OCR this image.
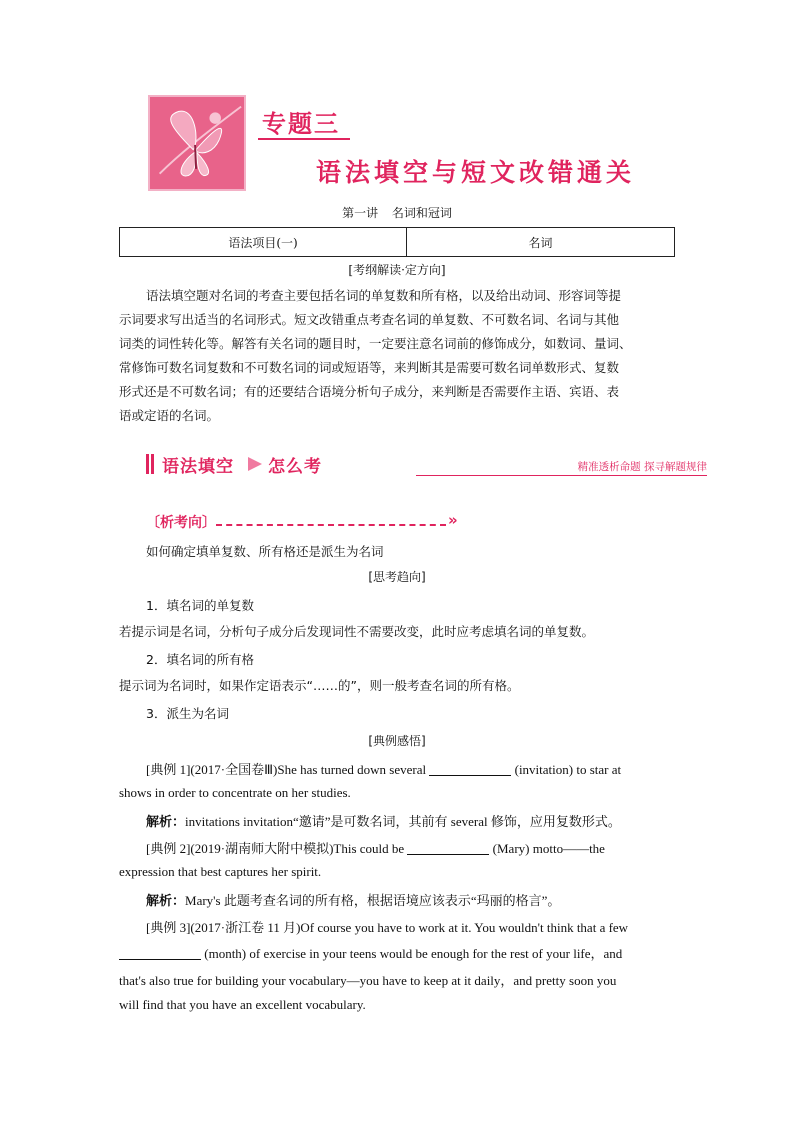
专题三
语法填空与短文改错通关
第一讲 名词和冠词
语法项目(一)	名词
[考纲解读·定方向]
语法填空题对名词的考查主要包括名词的单复数和所有格，以及给出动词、形容词等提
示词要求写出适当的名词形式。短文改错重点考查名词的单复数、不可数名词、名词与其他
词类的词性转化等。解答有关名词的题目时，一定要注意名词前的修饰成分，如数词、量词、
常修饰可数名词复数和不可数名词的词或短语等，来判断其是需要可数名词单数形式、复数
形式还是不可数名词；有的还要结合语境分析句子成分，来判断是否需要作主语、宾语、表
语或定语的名词。
语法填空 怎么考	精准透析命题 探寻解题规律
〔析考向〕	»
如何确定填单复数、所有格还是派生为名词
[思考趋向]
1．填名词的单复数
若提示词是名词，分析句子成分后发现词性不需要改变，此时应考虑填名词的单复数。
2．填名词的所有格
提示词为名词时，如果作定语表示“……的”，则一般考查名词的所有格。
3．派生为名词
[典例感悟]
[典例 1](2017·全国卷Ⅲ)She has turned down several	(invitation) to star at
shows in order to concentrate on her studies.
解析：invitations invitation“邀请”是可数名词，其前有 several 修饰，应用复数形式。
[典例 2](2019·湖南师大附中模拟)This could be	(Mary) motto——the
expression that best captures her spirit.
解析：Mary's 此题考查名词的所有格，根据语境应该表示“玛丽的格言”。
[典例 3](2017·浙江卷 11 月)Of course you have to work at it. You wouldn't think that a few
(month) of exercise in your teens would be enough for the rest of your life，and
that's also true for building your vocabulary—you have to keep at it daily，and pretty soon you
will find that you have an excellent vocabulary.
